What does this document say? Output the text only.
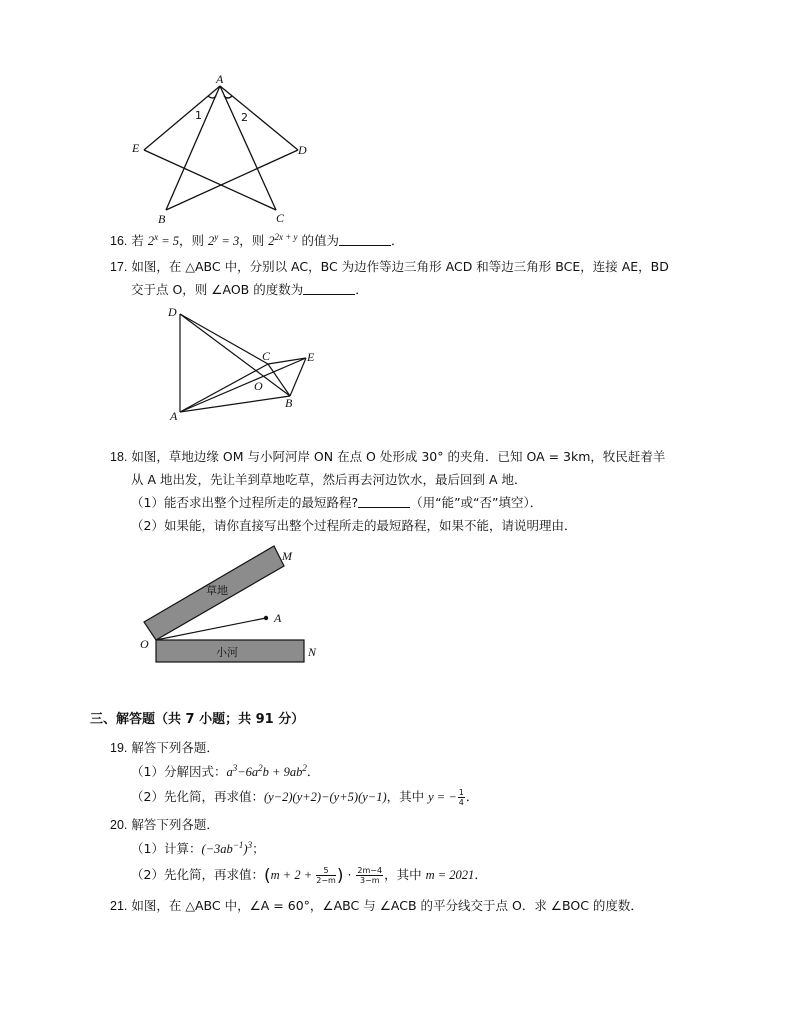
A
E	D
B	C
1	2
16. 若 $2^x = 5$，则 $2^y = 3$，则 $2^{2x + y}$ 的值为	．
17. 如图，在 △ABC 中，分别以 AC，BC 为边作等边三角形 ACD 和等边三角形 BCE，连接 AE，BD
交于点 O，则 ∠AOB 的度数为	．
D
A
C	E
O
B
18. 如图，草地边缘 OM 与小阿河岸 ON 在点 O 处形成 30° 的夹角．已知 OA = 3km，牧民赶着羊
从 A 地出发，先让羊到草地吃草，然后再去河边饮水，最后回到 A 地．
（1）能否求出整个过程所走的最短路程?	（用“能”或“否”填空）．
（2）如果能，请你直接写出整个过程所走的最短路程，如果不能，请说明理由．
M
N
O
A
草地
小河
三、解答题（共 7 小题；共 91 分）
19. 解答下列各题．
（1）分解因式：$a^3-6a^2b + 9ab^2$．
（2）先化简，再求值：(y−2)(y+2)−(y+5)(y−1)，其中 y = − $\frac{1}{4}$ ．
20. 解答下列各题．
（1）计算：$(-3ab^{-1})^3$；
（2）先化简，再求值：($m + 2 + \frac{5}{2-m}$ ) · $\frac{2m-4}{3-m}$ ，其中 m = 2021．
21. 如图，在 △ABC 中，∠A = 60°，∠ABC 与 ∠ACB 的平分线交于点 O．求 ∠BOC 的度数．
